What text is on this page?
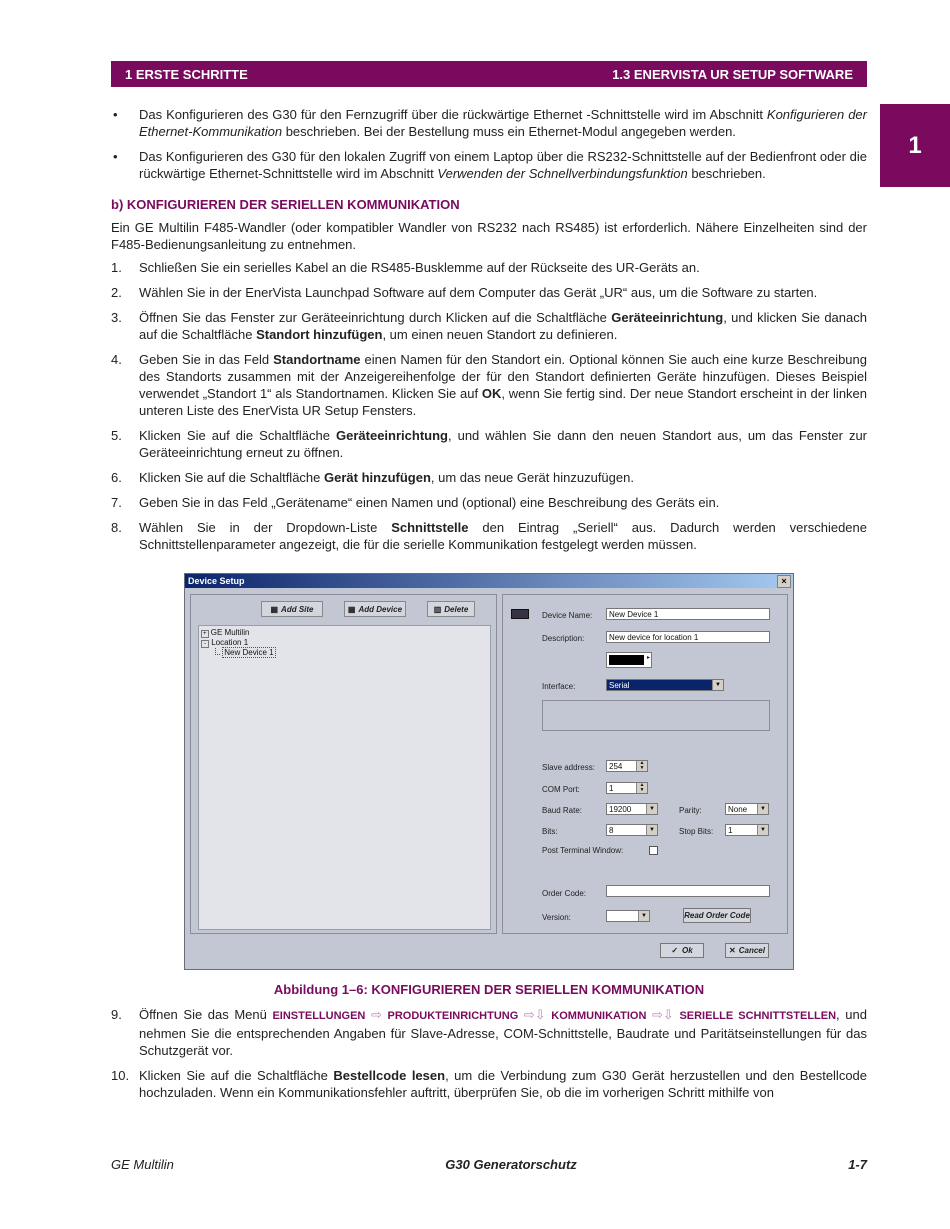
1 ERSTE SCHRITTE	1.3 ENERVISTA UR SETUP SOFTWARE
1
• Das Konfigurieren des G30 für den Fernzugriff über die rückwärtige Ethernet -Schnittstelle wird im Abschnitt Konfigurieren der Ethernet-Kommunikation beschrieben. Bei der Bestellung muss ein Ethernet-Modul angegeben werden.
• Das Konfigurieren des G30 für den lokalen Zugriff von einem Laptop über die RS232-Schnittstelle auf der Bedienfront oder die rückwärtige Ethernet-Schnittstelle wird im Abschnitt Verwenden der Schnellverbindungsfunktion beschrieben.
b) KONFIGURIEREN DER SERIELLEN KOMMUNIKATION

Ein GE Multilin F485-Wandler (oder kompatibler Wandler von RS232 nach RS485) ist erforderlich. Nähere Einzelheiten sind der F485-Bedienungsanleitung zu entnehmen.

1. Schließen Sie ein serielles Kabel an die RS485-Busklemme auf der Rückseite des UR-Geräts an.
2. Wählen Sie in der EnerVista Launchpad Software auf dem Computer das Gerät „UR“ aus, um die Software zu starten.
3. Öffnen Sie das Fenster zur Geräteeinrichtung durch Klicken auf die Schaltfläche Geräteeinrichtung, und klicken Sie danach auf die Schaltfläche Standort hinzufügen, um einen neuen Standort zu definieren.
4. Geben Sie in das Feld Standortname einen Namen für den Standort ein. Optional können Sie auch eine kurze Beschreibung des Standorts zusammen mit der Anzeigereihenfolge der für den Standort definierten Geräte hinzufügen. Dieses Beispiel verwendet „Standort 1“ als Standortnamen. Klicken Sie auf OK, wenn Sie fertig sind. Der neue Standort erscheint in der linken unteren Liste des EnerVista UR Setup Fensters.
5. Klicken Sie auf die Schaltfläche Geräteeinrichtung, und wählen Sie dann den neuen Standort aus, um das Fenster zur Geräteeinrichtung erneut zu öffnen.
6. Klicken Sie auf die Schaltfläche Gerät hinzufügen, um das neue Gerät hinzuzufügen.
7. Geben Sie in das Feld „Gerätename“ einen Namen und (optional) eine Beschreibung des Geräts ein.
8. Wählen Sie in der Dropdown-Liste Schnittstelle den Eintrag „Seriell“ aus. Dadurch werden verschiedene Schnittstellenparameter angezeigt, die für die serielle Kommunikation festgelegt werden müssen.
Device Setup	×
▦ Add Site	▦ Add Device	▥ Delete
+ GE Multilin
- Location 1
New Device 1
Device Name:	New Device 1
Description:	New device for location 1
▸
Interface:	Serial	▼
Slave address:	254	▲
▼
COM Port:	1	▲
▼
Baud Rate:	19200	▼	Parity:	None	▼
Bits:	8	▼	Stop Bits:	1	▼
Post Terminal Window:
Order Code:
Version:	▼	Read Order Code
✓ Ok	✕ Cancel
Abbildung 1–6: KONFIGURIEREN DER SERIELLEN KOMMUNIKATION
9. Öffnen Sie das Menü EINSTELLUNGEN ⇨ PRODUKTEINRICHTUNG ⇨⇩ KOMMUNIKATION ⇨⇩ SERIELLE SCHNITTSTELLEN, und nehmen Sie die entsprechenden Angaben für Slave-Adresse, COM-Schnittstelle, Baudrate und Paritätseinstellungen für das Schutzgerät vor.
10. Klicken Sie auf die Schaltfläche Bestellcode lesen, um die Verbindung zum G30 Gerät herzustellen und den Bestellcode hochzuladen. Wenn ein Kommunikationsfehler auftritt, überprüfen Sie, ob die im vorherigen Schritt mithilfe von
GE Multilin	G30 Generatorschutz	1-7
